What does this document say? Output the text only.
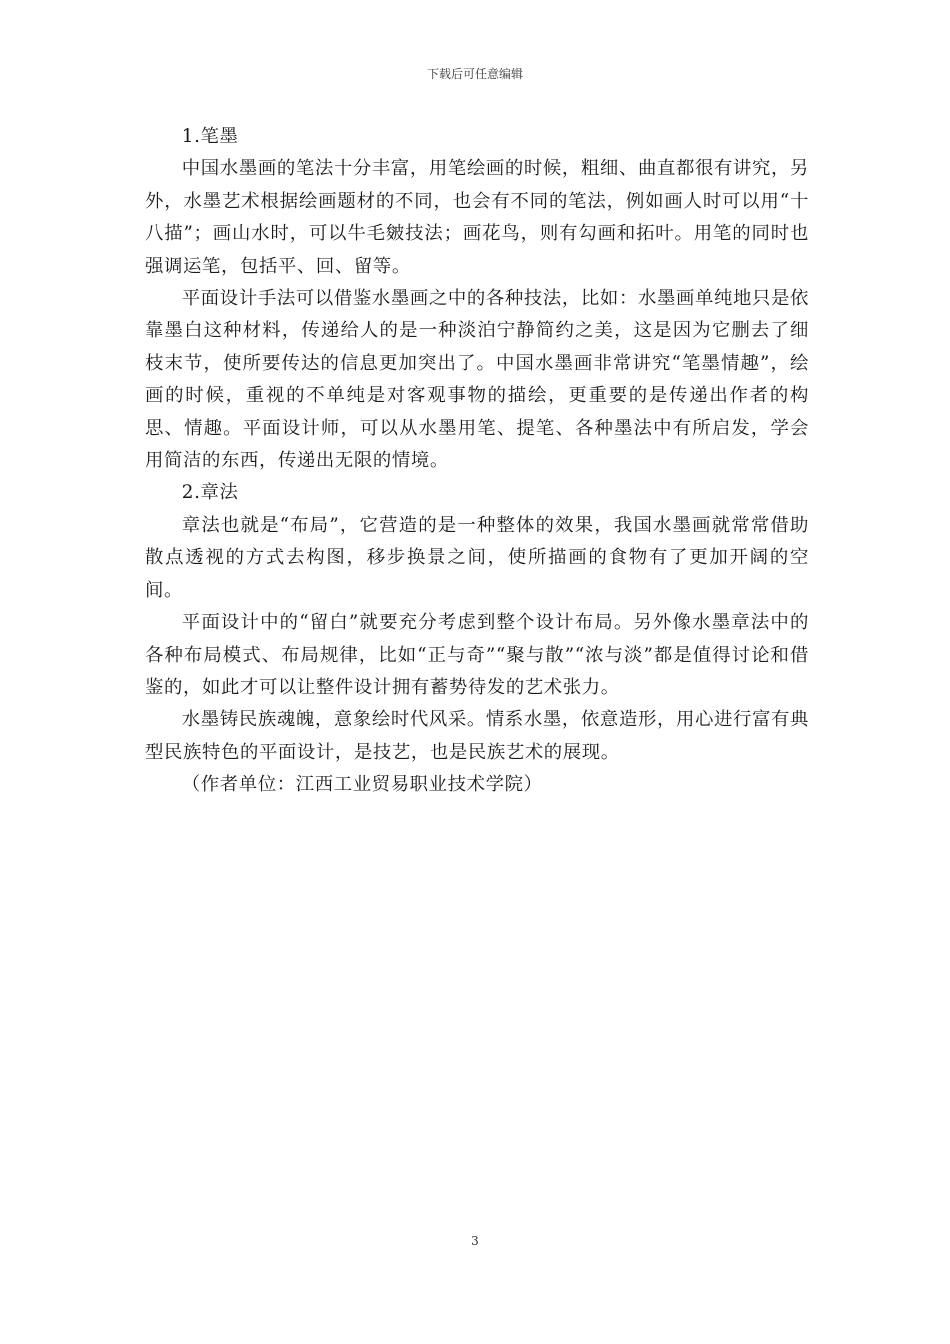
下载后可任意编辑

1.笔墨

中国水墨画的笔法十分丰富，用笔绘画的时候，粗细、曲直都很有讲究，另外，水墨艺术根据绘画题材的不同，也会有不同的笔法，例如画人时可以用“十八描”；画山水时，可以牛毛皴技法；画花鸟，则有勾画和拓叶。用笔的同时也强调运笔，包括平、回、留等。

平面设计手法可以借鉴水墨画之中的各种技法，比如：水墨画单纯地只是依靠墨白这种材料，传递给人的是一种淡泊宁静简约之美，这是因为它删去了细枝末节，使所要传达的信息更加突出了。中国水墨画非常讲究“笔墨情趣”，绘画的时候，重视的不单纯是对客观事物的描绘，更重要的是传递出作者的构思、情趣。平面设计师，可以从水墨用笔、提笔、各种墨法中有所启发，学会用简洁的东西，传递出无限的情境。

2.章法

章法也就是“布局”，它营造的是一种整体的效果，我国水墨画就常常借助散点透视的方式去构图，移步换景之间，使所描画的食物有了更加开阔的空间。

平面设计中的“留白”就要充分考虑到整个设计布局。另外像水墨章法中的各种布局模式、布局规律，比如“正与奇”“聚与散”“浓与淡”都是值得讨论和借鉴的，如此才可以让整件设计拥有蓄势待发的艺术张力。

水墨铸民族魂魄，意象绘时代风采。情系水墨，依意造形，用心进行富有典型民族特色的平面设计，是技艺，也是民族艺术的展现。

（作者单位：江西工业贸易职业技术学院）

3
